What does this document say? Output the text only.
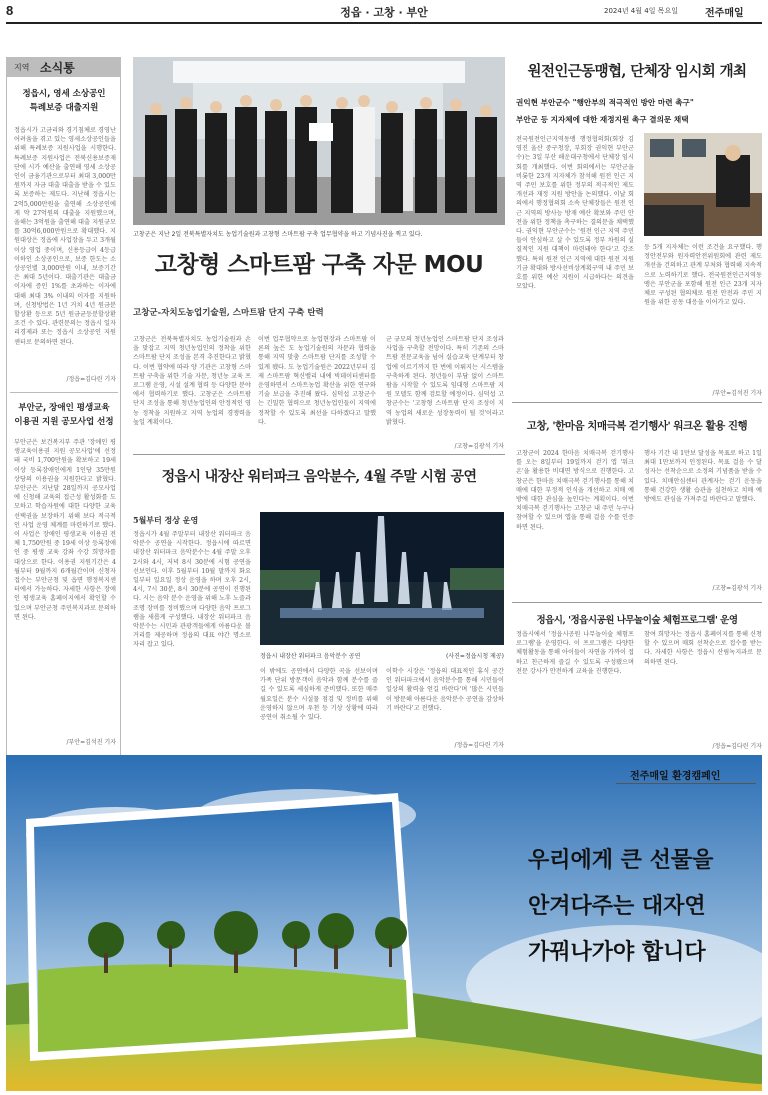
8	정읍 · 고창 · 부안	2024년 4월 4일 목요일	전주매일
지역 소식통
정읍시, 영세 소상공인
특례보증 대출지원
정읍시가 고금리와 경기침체로 경영난 어려움을 겪고 있는 영세소상공인들을 위해 특례보증 지원사업을 시행한다. 특례보증 지원사업은 전북신용보증재단에 시가 예산을 출연해 영세 소상공인이 금융기관으로부터 최대 3,000만원까지 자금 대출 대출을 받을 수 있도록 보증하는 제도다. 지난해 정읍시는 2억5,000만원을 출연해 소상공인에게 약 27억원의 대출을 지원했으며, 올해는 3억원을 출연해 대출 지원규모를 30억6,000만원으로 확대했다. 지원대상은 정읍에 사업장을 두고 3개월 이상 영업 중이며, 신용등급이 4등급 이하인 소상공인으로, 보증 한도는 소상공인별 3,000만원 이내, 보증기간은 최대 5년이다. 대출기관은 대출금 이자에 증인 1%를 초과하는 이자에 대해 최대 3% 이내의 이자를 지원하며, 신청방법은 1년 거치 4년 원금분할상환 등으로 5년 원금균등분할상환 조건 수 있다. 관련문의는 정읍시 일자리경제과 또는 정읍시 소상공인 지원센터로 문의하면 된다.
/정읍=김다린 기자
부안군, 장애인 평생교육
이용권 지원 공모사업 선정
부안군은 보건복지부 주관 '장애인 평생교육이용권 지원 공모사업'에 선정돼 국비 1,700만원을 확보하고 19세 이상 등록장애인에게 1인당 35만원 상당의 이용권을 지원한다고 밝혔다. 부안군은 지난달 28일까지 공모사업에 신청해 교육의 접근성 활성화를 도모하고 학습자원에 대한 다양한 교육 선택권을 보장하기 위해 보다 적극적인 사업 운영 체계를 마련하기로 했다. 이 사업은 장애인 평생교육 이용권 전체 1,750만원 중 19세 이상 등록장애인 중 평생 교육 강좌 수강 희망자를 대상으로 한다. 이용권 지원기간은 4월부터 9월까지 6개월간이며 신청자 접수는 부안군청 및 읍면 행정복지센터에서 가능하다. 자세한 사항은 장애인 평생교육 홈페이지에서 확인할 수 있으며 부안군청 주민복지과로 문의하면 된다.
/부안=김석진 기자
고창군은 지난 2일 전북특별자치도 농업기술원과 고창형 스마트팜 구축 업무협약을 하고 기념사진을 찍고 있다.
고창형 스마트팜 구축 자문 MOU
고창군-자치도농업기술원, 스마트팜 단지 구축 탄력
고창군은 전북특별자치도 농업기술원과 손을 맞잡고 지역 청년농업인의 정착을 위한 스마트팜 단지 조성을 본격 추진한다고 밝혔다. 이번 협약에 따라 양 기관은 고창형 스마트팜 구축을 위한 기술 자문, 청년농 교육 프로그램 운영, 시설 설계 협력 등 다양한 분야에서 협력하기로 했다. 고창군은 스마트팜 단지 조성을 통해 청년농업인의 안정적인 영농 정착을 지원하고 지역 농업의 경쟁력을 높일 계획이다.
이번 업무협약으로 농업현장과 스마트팜 이론의 높은 도 농업기술원의 자문과 협력을 통해 지역 맞춤 스마트팜 단지를 조성할 수 있게 됐다. 도 농업기술원은 2022년부터 김제 스마트팜 혁신밸리 내에 빅데이터센터를 운영하면서 스마트농업 확산을 위한 연구와 기술 보급을 추진해 왔다. 심덕섭 고창군수는 긴밀한 협력으로 청년농업인들이 지역에 정착할 수 있도록 최선을 다하겠다고 말했다.
군 규모의 청년농업인 스마트팜 단지 조성과 사업을 구축할 전망이다. 특히 기존의 스마트팜 전문교육을 넘어 실습교육 단계부터 창업에 이르기까지 한 번에 이뤄지는 시스템을 구축하게 된다. 청년들이 부담 없이 스마트팜을 시작할 수 있도록 임대형 스마트팜 지원 모델도 함께 검토할 예정이다. 심덕섭 고창군수는 '고창형 스마트팜 단지 조성이 지역 농업의 새로운 성장동력이 될 것'이라고 밝혔다.
/고창=김광석 기자
정읍시 내장산 워터파크 음악분수, 4월 주말 시험 공연
5월부터 정상 운영
정읍시가 4월 주말부터 내장산 워터파크 음악분수 공연을 시작한다. 정읍시에 따르면 내장산 워터파크 음악분수는 4월 주말 오후 2시와 4시, 저녁 8시 30분에 시험 공연을 선보인다. 이후 5월부터 10월 말까지 화요일부터 일요일 정상 운영을 하며 오후 2시, 4시, 7시 30분, 8시 30분에 공연이 진행된다. 시는 음악 분수 운영을 위해 노후 노즐과 조명 장비를 정비했으며 다양한 음악 프로그램을 새롭게 구성했다. 내장산 워터파크 음악분수는 시민과 관광객들에게 아름다운 볼거리를 제공하며 정읍의 대표 야간 명소로 자리 잡고 있다.
정읍시 내장산 워터파크 음악분수 공연	(사진=정읍시청 제공)
이 밖에도 공연에서 다양한 곡을 선보이며 가족 단위 방문객이 음악과 함께 분수를 즐길 수 있도록 세심하게 준비했다. 또한 매주 월요일은 분수 시설물 점검 및 정비를 위해 운영하지 않으며 우천 등 기상 상황에 따라 공연이 취소될 수 있다.
이학수 시장은 '정읍의 대표적인 휴식 공간인 워터파크에서 음악분수를 통해 시민들이 일상의 활력을 얻길 바란다'며 '많은 시민들이 방문해 아름다운 음악분수 공연을 감상하기 바란다'고 전했다.
/정읍=김다린 기자
원전인근동맹협, 단체장 임시회 개최
권익현 부안군수 "행안부의 적극적인 방안 마련 촉구"
부안군 등 지자체에 대한 재정지원 촉구 결의문 채택
전국원전인근지역동맹 행정협의회(회장 김영진 울산 중구청장, 부회장 권익현 부안군수)는 3일 부산 해운대구청에서 단체장 임시회를 개최했다. 이번 회의에서는 부안군을 비롯한 23개 지자체가 참석해 원전 인근 지역 주민 보호를 위한 정부의 적극적인 제도 개선과 재정 지원 방안을 논의했다. 이날 회의에서 행정협의회 소속 단체장들은 원전 인근 지역의 방사능 방재 예산 확보와 주민 안전을 위한 정책을 촉구하는 결의문을 채택했다. 권익현 부안군수는 '원전 인근 지역 주민들이 안심하고 살 수 있도록 정부 차원의 실질적인 지원 대책이 마련돼야 한다'고 강조했다. 특히 원전 인근 지역에 대한 원전 지원 기금 확대와 방사선비상계획구역 내 주민 보호를 위한 예산 지원이 시급하다는 의견을 모았다.
등 5개 지자체는 이런 조건을 요구했다. 행정안전부와 원자력안전위원회에 관련 제도 개선을 건의하고 관계 부처와 협력해 지속적으로 노력하기로 했다. 전국원전인근지역동맹은 부안군을 포함해 원전 인근 23개 지자체로 구성된 협의체로 원전 안전과 주민 지원을 위한 공동 대응을 이어가고 있다.
/부안=김석진 기자
고창, '한마음 치매극복 걷기행사' 워크온 활용 진행
고창군이 2024 한마음 치매극복 걷기행사를 오는 8일부터 19일까지 걷기 앱 '워크온'을 활용한 비대면 방식으로 진행한다. 고창군은 한마음 치매극복 걷기행사를 통해 치매에 대한 부정적 인식을 개선하고 치매 예방에 대한 관심을 높인다는 계획이다. 이번 치매극복 걷기행사는 고창군 내 주민 누구나 참여할 수 있으며 앱을 통해 걸음 수를 인증하면 된다.
행사 기간 내 1만보 달성을 목표로 하고 1일 최대 1만보까지 인정된다. 목표 걸음 수 달성자는 선착순으로 소정의 기념품을 받을 수 있다. 치매안심센터 관계자는 걷기 운동을 통해 건강한 생활 습관을 실천하고 치매 예방에도 관심을 가져주길 바란다고 말했다.
/고창=김광석 기자
정읍시, '정읍시공원 나무놀이숲 체험프로그램' 운영
정읍시에서 '정읍시공원 나무놀이숲 체험프로그램'을 운영한다. 이 프로그램은 다양한 체험활동을 통해 아이들이 자연을 가까이 접하고 친근하게 즐길 수 있도록 구성됐으며 전문 강사가 안전하게 교육을 진행한다.
참여 희망자는 정읍시 홈페이지를 통해 신청할 수 있으며 매회 선착순으로 접수를 받는다. 자세한 사항은 정읍시 산림녹지과로 문의하면 된다.
/정읍=김다린 기자
전주매일 환경캠페인
우리에게 큰 선물을
안겨다주는 대자연
가꿔나가야 합니다
